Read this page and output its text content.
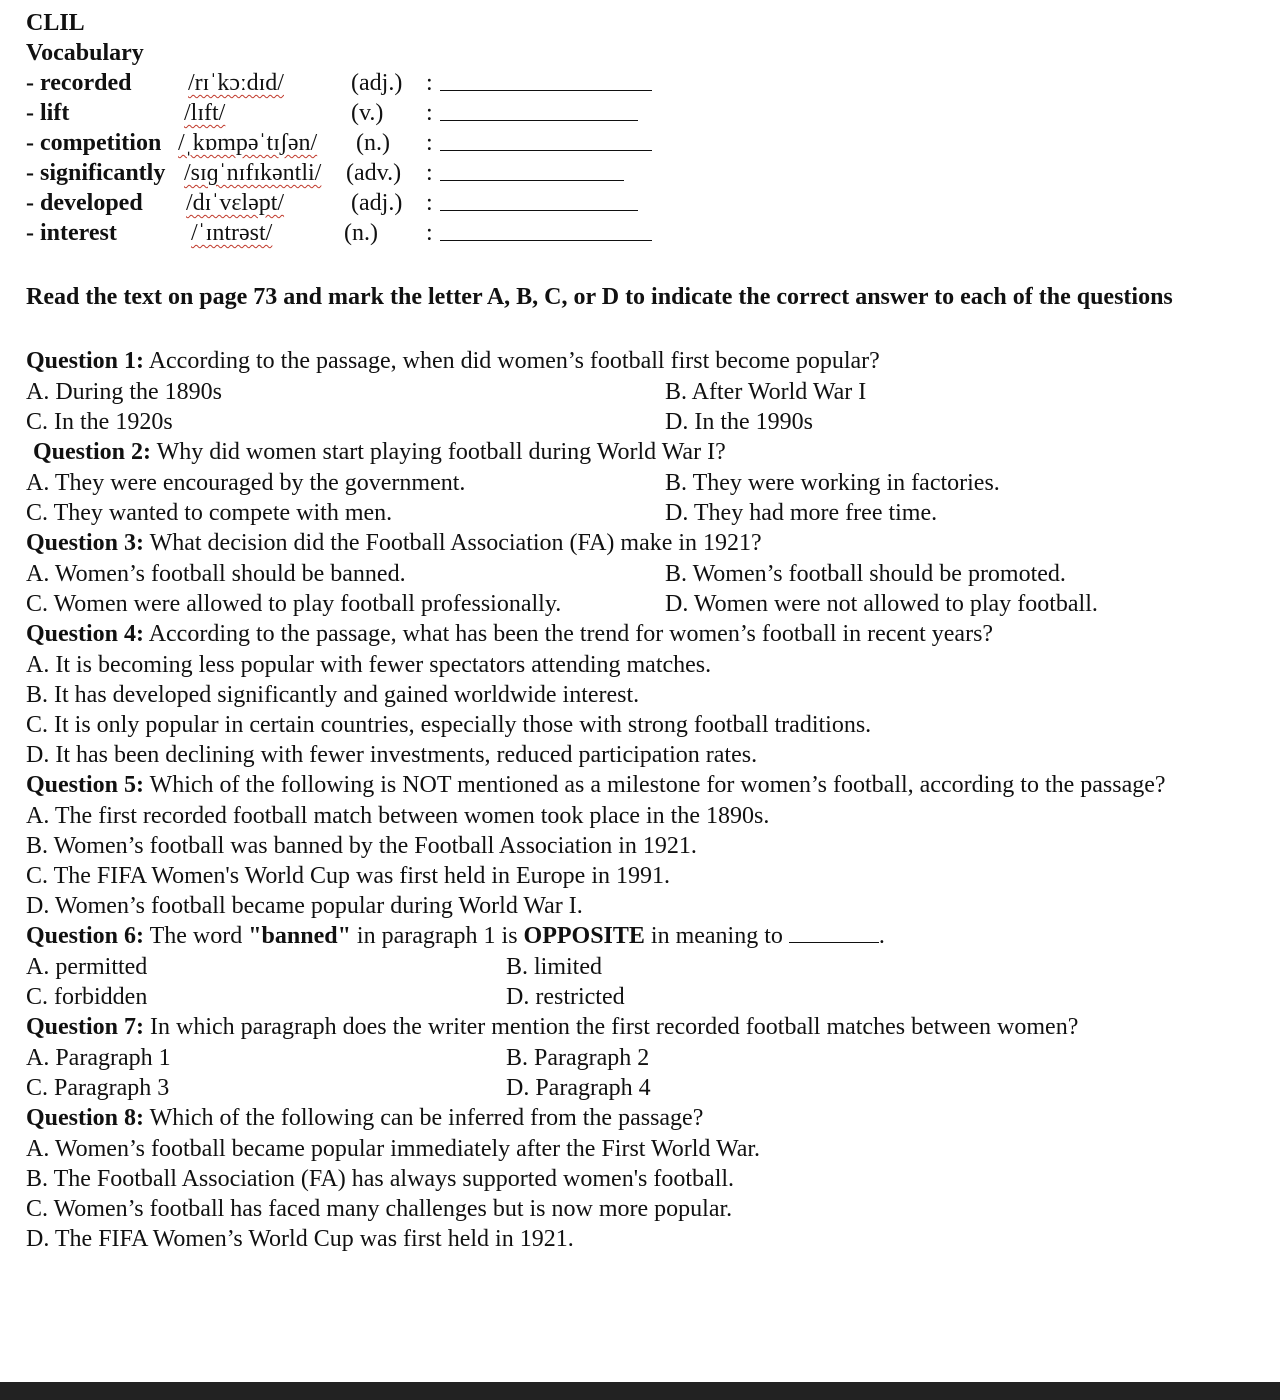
CLIL
Vocabulary
- recorded /rɪˈkɔːdɪd/	(adj.) :
- lift	/lɪft/	(v.) :
- competition /ˌkɒmpəˈtɪʃən/ (n.) :
- significantly /sɪɡˈnɪfɪkəntli/ (adv.) :
- developed /dɪˈvɛləpt/	(adj.) :
- interest	/ˈɪntrəst/	(n.) :
Read the text on page 73 and mark the letter A, B, C, or D to indicate the correct answer to each of the questions
Question 1: According to the passage, when did women’s football first become popular?
A. During the 1890s	B. After World War I
C. In the 1920s	D. In the 1990s
Question 2: Why did women start playing football during World War I?
A. They were encouraged by the government.	B. They were working in factories.
C. They wanted to compete with men.	D. They had more free time.
Question 3: What decision did the Football Association (FA) make in 1921?
A. Women’s football should be banned.	B. Women’s football should be promoted.
C. Women were allowed to play football professionally.	D. Women were not allowed to play football.
Question 4: According to the passage, what has been the trend for women’s football in recent years?
A. It is becoming less popular with fewer spectators attending matches.
B. It has developed significantly and gained worldwide interest.
C. It is only popular in certain countries, especially those with strong football traditions.
D. It has been declining with fewer investments, reduced participation rates.
Question 5: Which of the following is NOT mentioned as a milestone for women’s football, according to the passage?
A. The first recorded football match between women took place in the 1890s.
B. Women’s football was banned by the Football Association in 1921.
C. The FIFA Women's World Cup was first held in Europe in 1991.
D. Women’s football became popular during World War I.
Question 6: The word "banned" in paragraph 1 is OPPOSITE in meaning to	.
A. permitted	B. limited
C. forbidden	D. restricted
Question 7: In which paragraph does the writer mention the first recorded football matches between women?
A. Paragraph 1	B. Paragraph 2
C. Paragraph 3	D. Paragraph 4
Question 8: Which of the following can be inferred from the passage?
A. Women’s football became popular immediately after the First World War.
B. The Football Association (FA) has always supported women's football.
C. Women’s football has faced many challenges but is now more popular.
D. The FIFA Women’s World Cup was first held in 1921.
